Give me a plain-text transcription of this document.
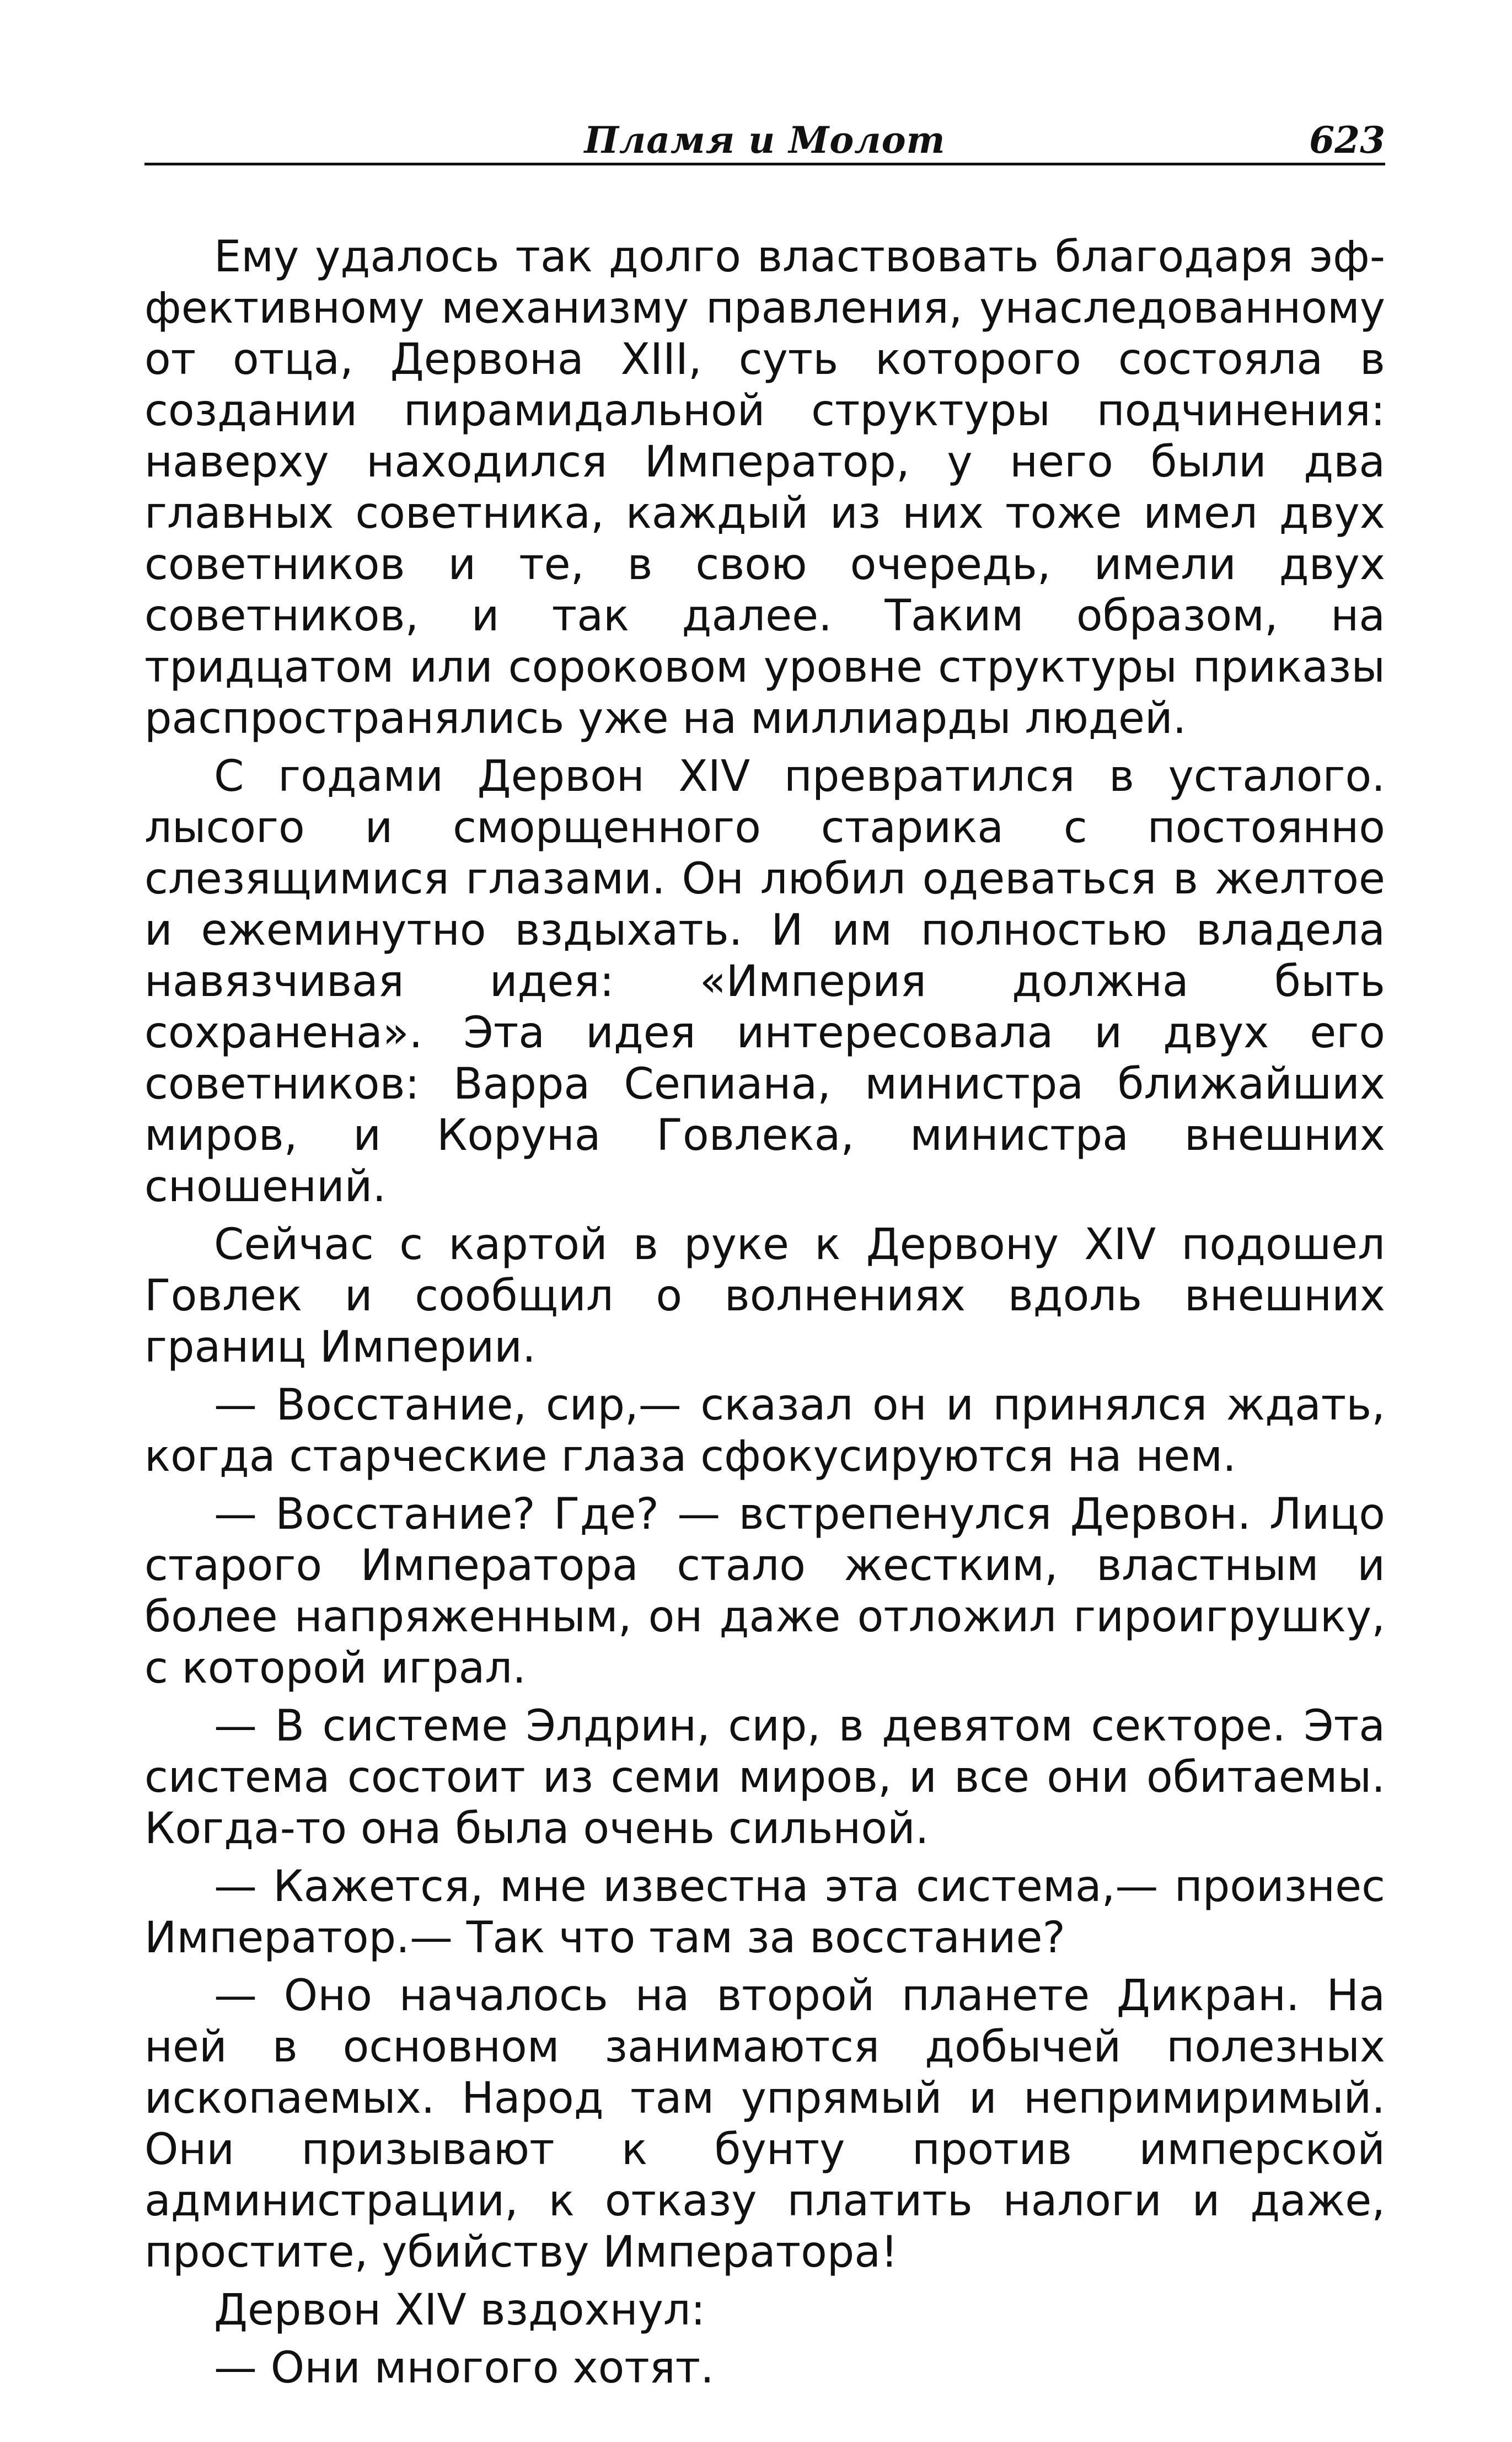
Пламя и Молот	623

Ему удалось так долго властвовать благодаря эффективному механизму правления, унаследованному от отца, Дервона XIII, суть которого состояла в создании пирамидальной структуры подчинения: наверху находился Император, у него были два главных советника, каждый из них тоже имел двух советников и те, в свою очередь, имели двух советников, и так далее. Таким образом, на тридцатом или сороковом уровне структуры приказы распространялись уже на миллиарды людей.

С годами Дервон XIV превратился в усталого. лысого и сморщенного старика с постоянно слезящимися глазами. Он любил одеваться в желтое и ежеминутно вздыхать. И им полностью владела навязчивая идея: «Империя должна быть сохранена». Эта идея интересовала и двух его советников: Варра Сепиана, министра ближайших миров, и Коруна Говлека, министра внешних сношений.

Сейчас с картой в руке к Дервону XIV подошел Говлек и сообщил о волнениях вдоль внешних границ Империи.

— Восстание, сир,— сказал он и принялся ждать, когда старческие глаза сфокусируются на нем.

— Восстание? Где? — встрепенулся Дервон. Лицо старого Императора стало жестким, властным и более напряженным, он даже отложил гироигрушку, с которой играл.

— В системе Элдрин, сир, в девятом секторе. Эта система состоит из семи миров, и все они обитаемы. Когда-то она была очень сильной.

— Кажется, мне известна эта система,— произнес Император.— Так что там за восстание?

— Оно началось на второй планете Дикран. На ней в основном занимаются добычей полезных ископаемых. Народ там упрямый и непримиримый. Они призывают к бунту против имперской администрации, к отказу платить налоги и даже, простите, убийству Императора!

Дервон XIV вздохнул:

— Они многого хотят.
